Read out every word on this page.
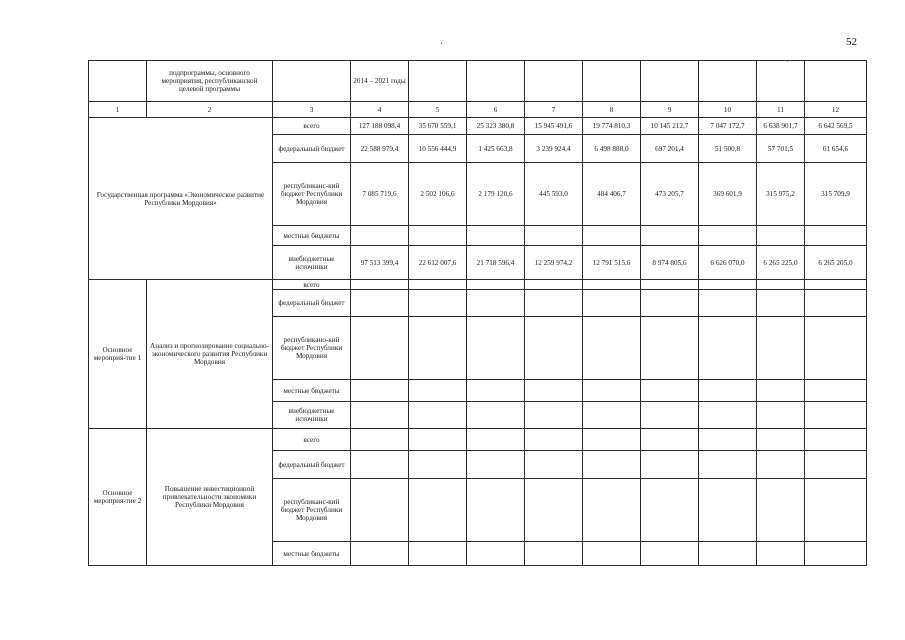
52
·
·
	подпрограммы, основного мероприятия, республиканской целевой программы		2014 – 2021 годы								
1	2	3	4	5	6	7	8	9	10	11	12
Государственная программа «Экономическое развитие Республики Мордовия»		всего	127 188 098,4	35 670 559,1	25 323 380,8	15 945 491,6	19 774 810,3	10 145 212,7	7 047 172,7	6 638 901,7	6 642 569,5
		федеральный бюджет	22 588 979,4	10 556 444,9	1 425 663,8	3 239 924,4	6 498 888,0	697 201,4	51 500,8	57 701,5	61 654,6
		республиканс-кий бюджет Республики Мордовия	7 085 719,6	2 502 106,6	2 179 120,6	445 593,0	484 406,7	473 205,7	369 601,9	315 975,2	315 709,9
		местные бюджеты									
		внебюджетные источники	97 513 399,4	22 612 007,6	21 718 596,4	12 259 974,2	12 791 515,6	8 974 805,6	6 626 070,0	6 265 225,0	6 265 205,0
Основное мероприя-тие 1	Анализ и прогнозирование социально-экономического развития Республики Мордовия	всего									
		федеральный бюджет									
		республикано-кий бюджет Республики Мордовия									
		местные бюджеты									
		внебюджетные источники									
Основное мероприя-тие 2	Повышение инвестиционной привлекательности экономики Республики Мордовия	всего									
		федеральный бюджет									
		республиканс-кий бюджет Республики Мордовия									
		местные бюджеты									
